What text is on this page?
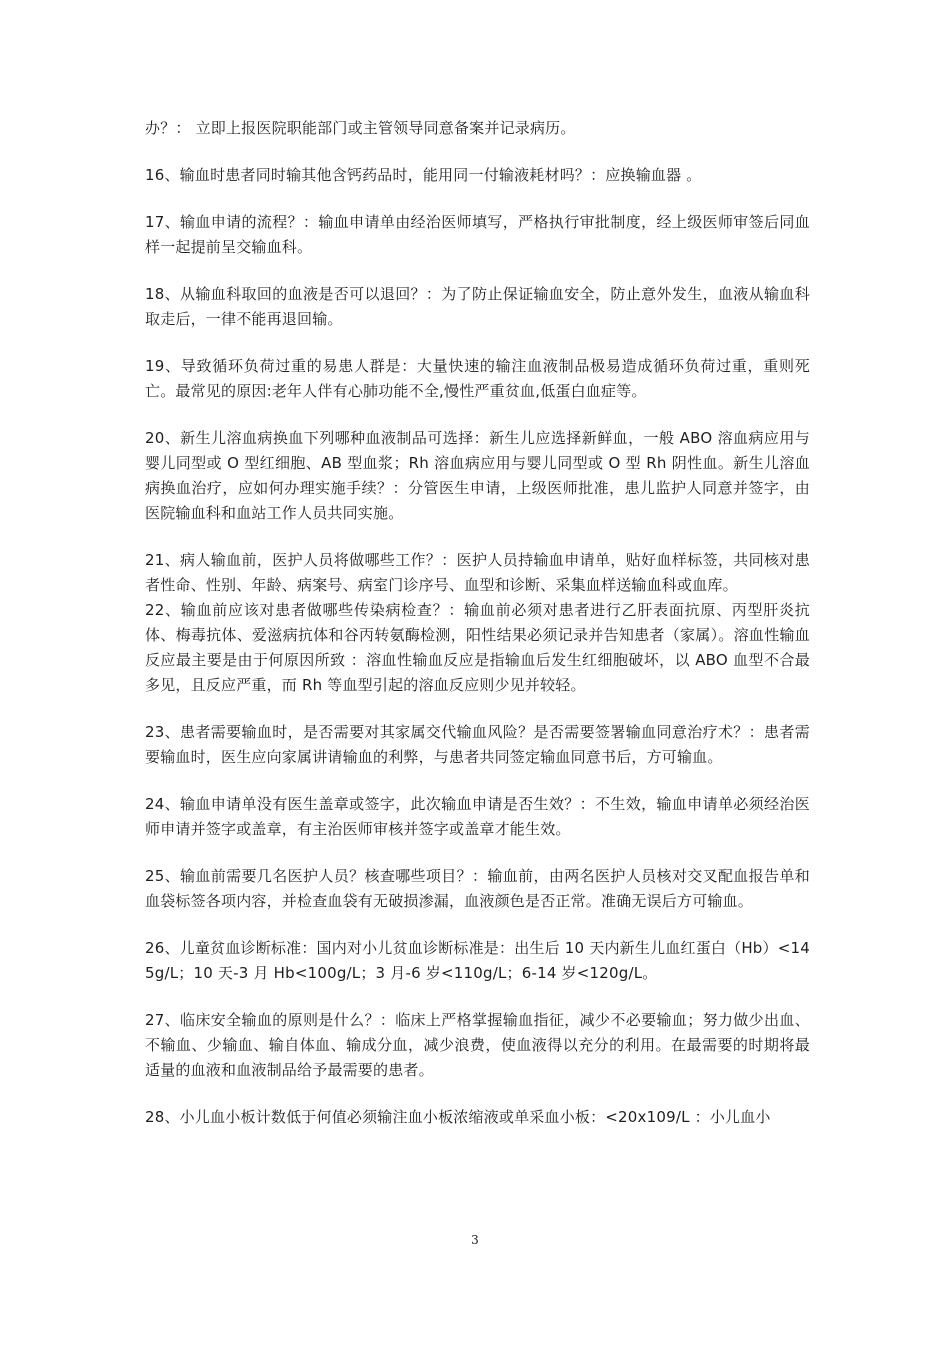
办？： 立即上报医院职能部门或主管领导同意备案并记录病历。

16、输血时患者同时输其他含钙药品时，能用同一付输液耗材吗？：应换输血器 。

17、输血申请的流程？：输血申请单由经治医师填写，严格执行审批制度，经上级医师审签后同血样一起提前呈交输血科。

18、从输血科取回的血液是否可以退回？：为了防止保证输血安全，防止意外发生，血液从输血科取走后，一律不能再退回输。

19、导致循环负荷过重的易患人群是：大量快速的输注血液制品极易造成循环负荷过重，重则死亡。最常见的原因:老年人伴有心肺功能不全,慢性严重贫血,低蛋白血症等。

20、新生儿溶血病换血下列哪种血液制品可选择：新生儿应选择新鲜血，一般 ABO 溶血病应用与婴儿同型或 O 型红细胞、AB 型血浆；Rh 溶血病应用与婴儿同型或 O 型 Rh 阴性血。新生儿溶血病换血治疗，应如何办理实施手续？：分管医生申请，上级医师批准，患儿监护人同意并签字，由医院输血科和血站工作人员共同实施。

21、病人输血前，医护人员将做哪些工作？：医护人员持输血申请单，贴好血样标签，共同核对患者性命、性别、年龄、病案号、病室门诊序号、血型和诊断、采集血样送输血科或血库。

22、输血前应该对患者做哪些传染病检查？：输血前必须对患者进行乙肝表面抗原、丙型肝炎抗体、梅毒抗体、爱滋病抗体和谷丙转氨酶检测，阳性结果必须记录并告知患者（家属）。溶血性输血反应最主要是由于何原因所致 ：溶血性输血反应是指输血后发生红细胞破坏，以 ABO 血型不合最多见，且反应严重，而 Rh 等血型引起的溶血反应则少见并较轻。

23、患者需要输血时，是否需要对其家属交代输血风险？是否需要签署输血同意治疗术？：患者需要输血时，医生应向家属讲请输血的利弊，与患者共同签定输血同意书后，方可输血。

24、输血申请单没有医生盖章或签字，此次输血申请是否生效？：不生效，输血申请单必须经治医师申请并签字或盖章，有主治医师审核并签字或盖章才能生效。

25、输血前需要几名医护人员？核查哪些项目？：输血前，由两名医护人员核对交叉配血报告单和血袋标签各项内容，并检查血袋有无破损渗漏，血液颜色是否正常。准确无误后方可输血。

26、儿童贫血诊断标准：国内对小儿贫血诊断标准是：出生后 10 天内新生儿血红蛋白（Hb）<145g/L；10 天-3 月 Hb<100g/L；3 月-6 岁<110g/L；6-14 岁<120g/L。

27、临床安全输血的原则是什么？：临床上严格掌握输血指征，减少不必要输血；努力做少出血、不输血、少输血、输自体血、输成分血，减少浪费，使血液得以充分的利用。在最需要的时期将最适量的血液和血液制品给予最需要的患者。

28、小儿血小板计数低于何值必须输注血小板浓缩液或单采血小板：<20x109/L ：小儿血小

3
